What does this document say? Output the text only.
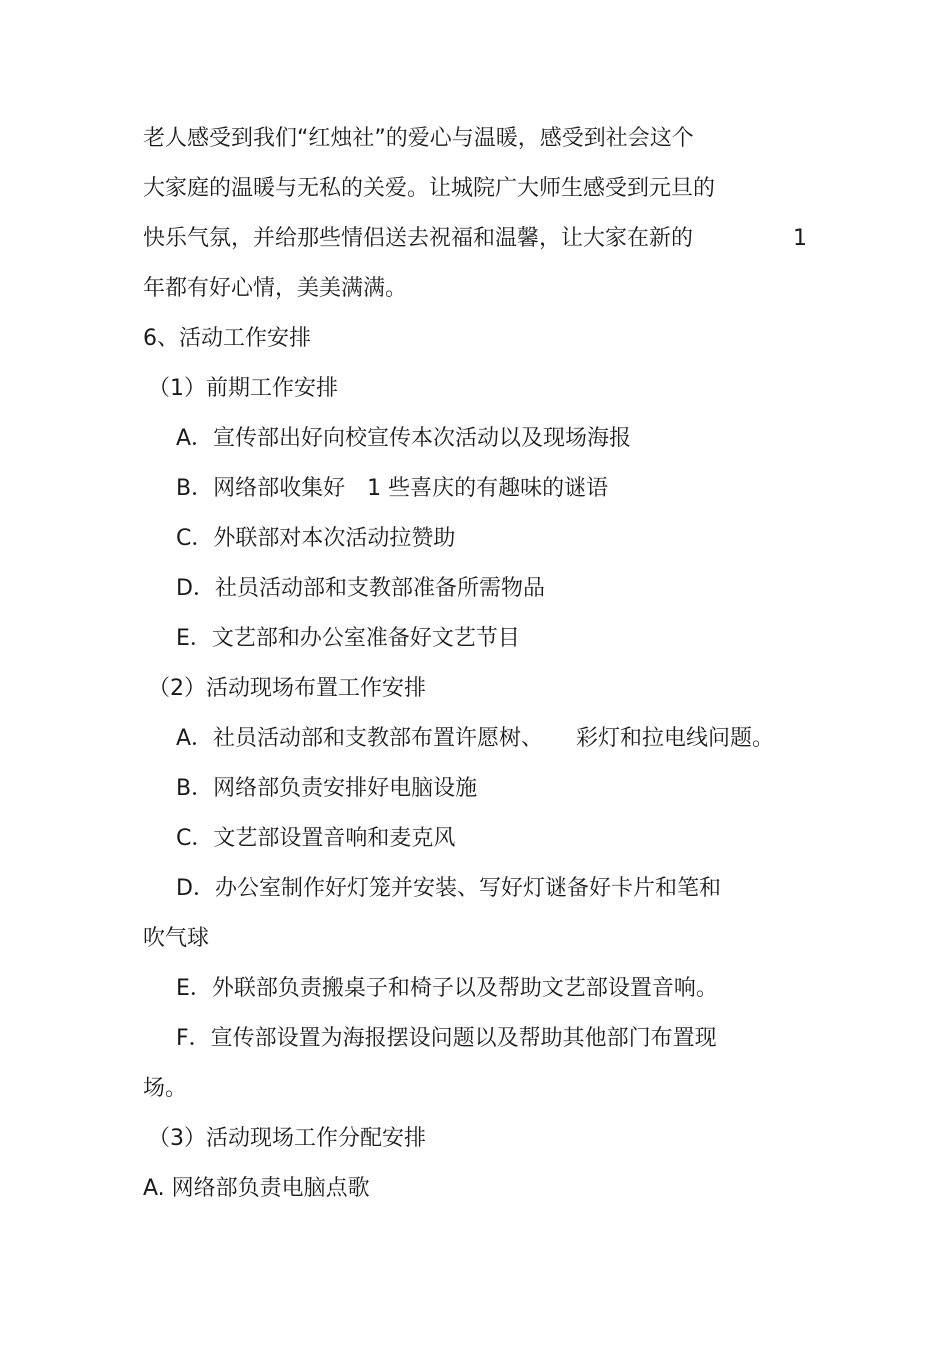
老人感受到我们“红烛社”的爱心与温暖，感受到社会这个
大家庭的温暖与无私的关爱。让城院广大师生感受到元旦的
快乐气氛，并给那些情侣送去祝福和温馨，让大家在新的	1
年都有好心情，美美满满。
6、活动工作安排
（1）前期工作安排
A．宣传部出好向校宣传本次活动以及现场海报
B．网络部收集好　1 些喜庆的有趣味的谜语
C．外联部对本次活动拉赞助
D．社员活动部和支教部准备所需物品
E．文艺部和办公室准备好文艺节目
（2）活动现场布置工作安排
A．社员活动部和支教部布置许愿树、　　彩灯和拉电线问题。
B．网络部负责安排好电脑设施
C．文艺部设置音响和麦克风
D．办公室制作好灯笼并安装、写好灯谜备好卡片和笔和
吹气球
E．外联部负责搬桌子和椅子以及帮助文艺部设置音响。
F．宣传部设置为海报摆设问题以及帮助其他部门布置现
场。
（3）活动现场工作分配安排
A. 网络部负责电脑点歌
